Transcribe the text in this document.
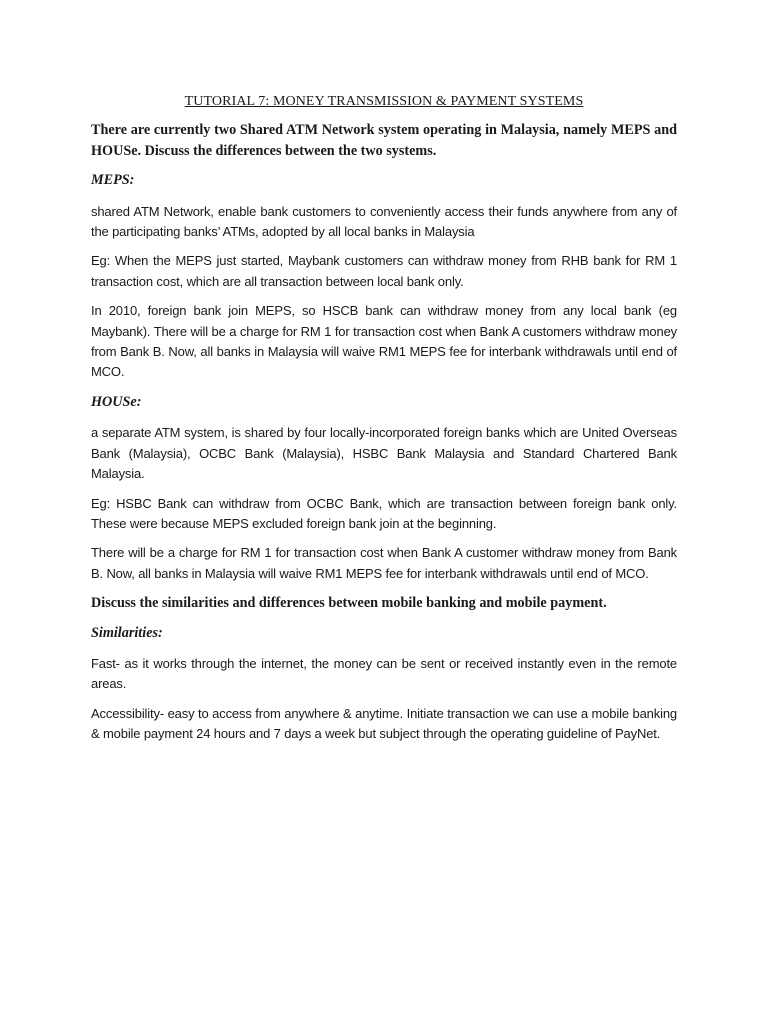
TUTORIAL 7: MONEY TRANSMISSION & PAYMENT SYSTEMS

There are currently two Shared ATM Network system operating in Malaysia, namely MEPS and HOUSe. Discuss the differences between the two systems.

MEPS:

shared ATM Network, enable bank customers to conveniently access their funds anywhere from any of the participating banks’ ATMs, adopted by all local banks in Malaysia

Eg: When the MEPS just started, Maybank customers can withdraw money from RHB bank for RM 1 transaction cost, which are all transaction between local bank only.

In 2010, foreign bank join MEPS, so HSCB bank can withdraw money from any local bank (eg Maybank). There will be a charge for RM 1 for transaction cost when Bank A customers withdraw money from Bank B. Now, all banks in Malaysia will waive RM1 MEPS fee for interbank withdrawals until end of MCO.

HOUSe:

a separate ATM system, is shared by four locally-incorporated foreign banks which are United Overseas Bank (Malaysia), OCBC Bank (Malaysia), HSBC Bank Malaysia and Standard Chartered Bank Malaysia.

Eg: HSBC Bank can withdraw from OCBC Bank, which are transaction between foreign bank only. These were because MEPS excluded foreign bank join at the beginning.

There will be a charge for RM 1 for transaction cost when Bank A customer withdraw money from Bank B. Now, all banks in Malaysia will waive RM1 MEPS fee for interbank withdrawals until end of MCO.

Discuss the similarities and differences between mobile banking and mobile payment.

Similarities:

Fast- as it works through the internet, the money can be sent or received instantly even in the remote areas.

Accessibility- easy to access from anywhere & anytime. Initiate transaction we can use a mobile banking & mobile payment 24 hours and 7 days a week but subject through the operating guideline of PayNet.
